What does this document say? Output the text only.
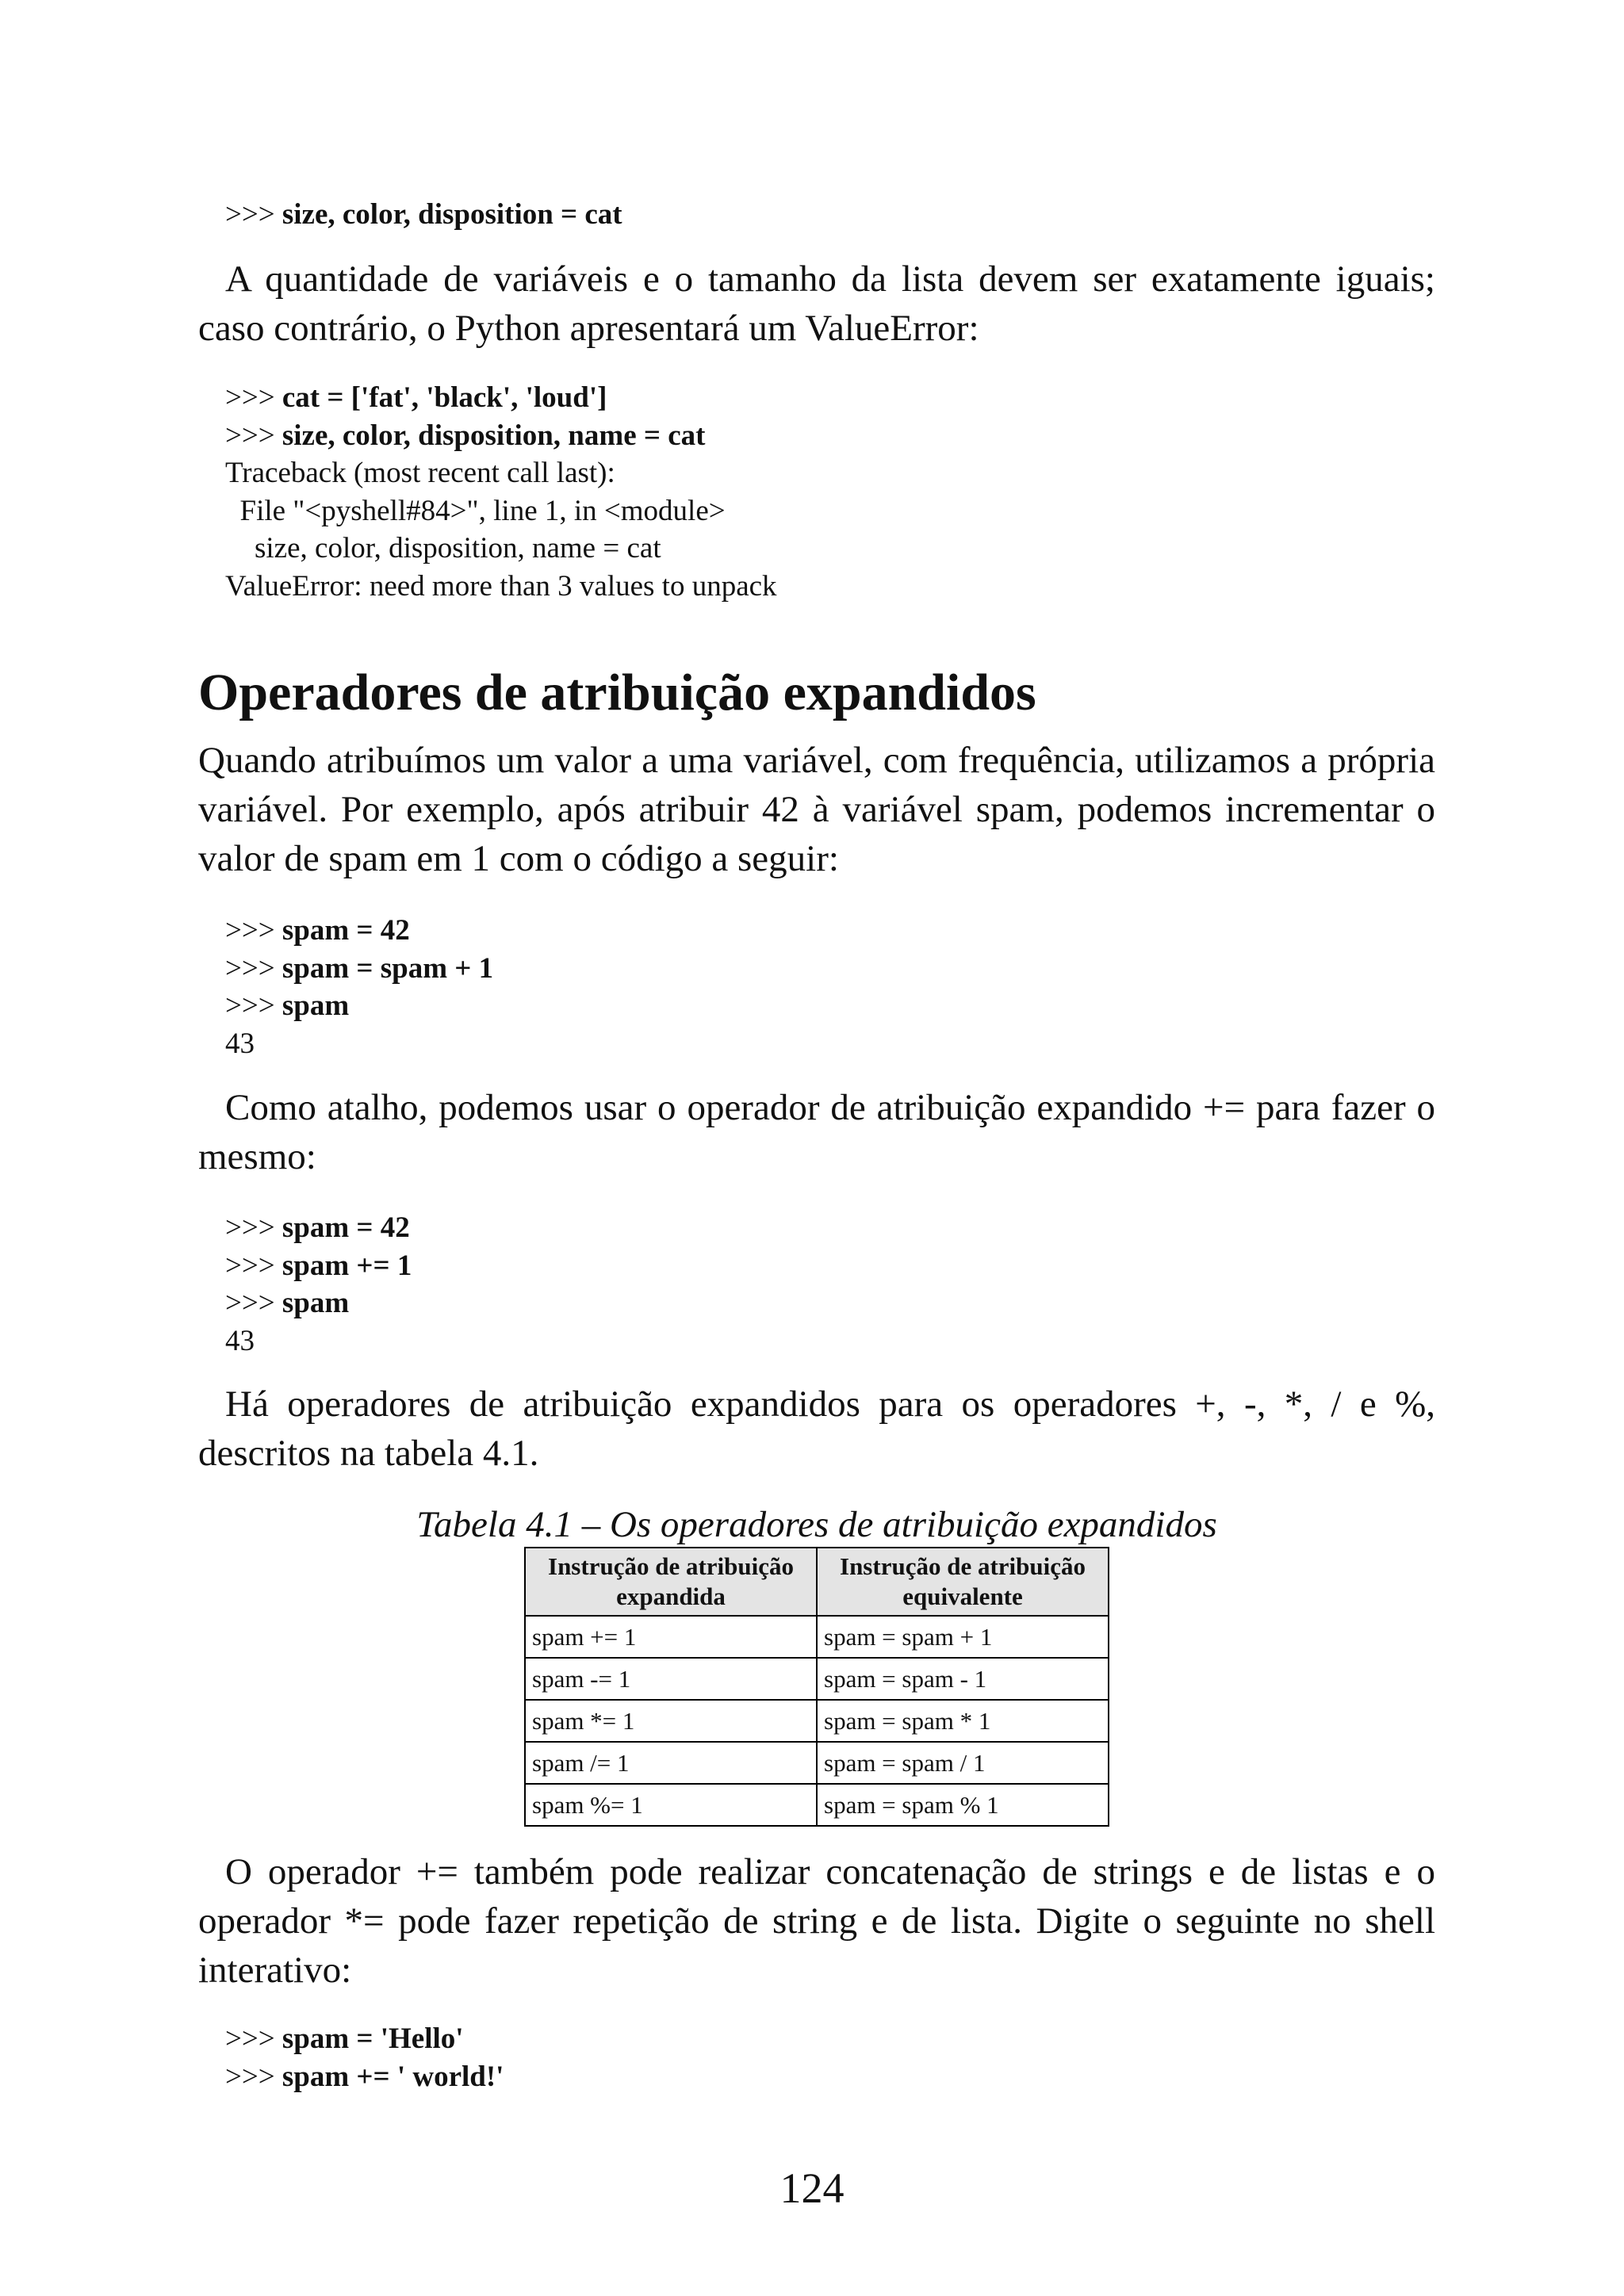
>>> size, color, disposition = cat

A quantidade de variáveis e o tamanho da lista devem ser exatamente iguais; caso contrário, o Python apresentará um ValueError:

>>> cat = ['fat', 'black', 'loud']
>>> size, color, disposition, name = cat
Traceback (most recent call last):
File "<pyshell#84>", line 1, in <module>
size, color, disposition, name = cat
ValueError: need more than 3 values to unpack
Operadores de atribuição expandidos

Quando atribuímos um valor a uma variável, com frequência, utilizamos a própria variável. Por exemplo, após atribuir 42 à variável spam, podemos incrementar o valor de spam em 1 com o código a seguir:

>>> spam = 42
>>> spam = spam + 1
>>> spam
43

Como atalho, podemos usar o operador de atribuição expandido += para fazer o mesmo:

>>> spam = 42
>>> spam += 1
>>> spam
43

Há operadores de atribuição expandidos para os operadores +, -, *, / e %, descritos na tabela 4.1.

Tabela 4.1 – Os operadores de atribuição expandidos
Instrução de atribuição expandida	Instrução de atribuição equivalente
spam += 1	spam = spam + 1
spam -= 1	spam = spam - 1
spam *= 1	spam = spam * 1
spam /= 1	spam = spam / 1
spam %= 1	spam = spam % 1

O operador += também pode realizar concatenação de strings e de listas e o operador *= pode fazer repetição de string e de lista. Digite o seguinte no shell interativo:

>>> spam = 'Hello'
>>> spam += ' world!'
124
